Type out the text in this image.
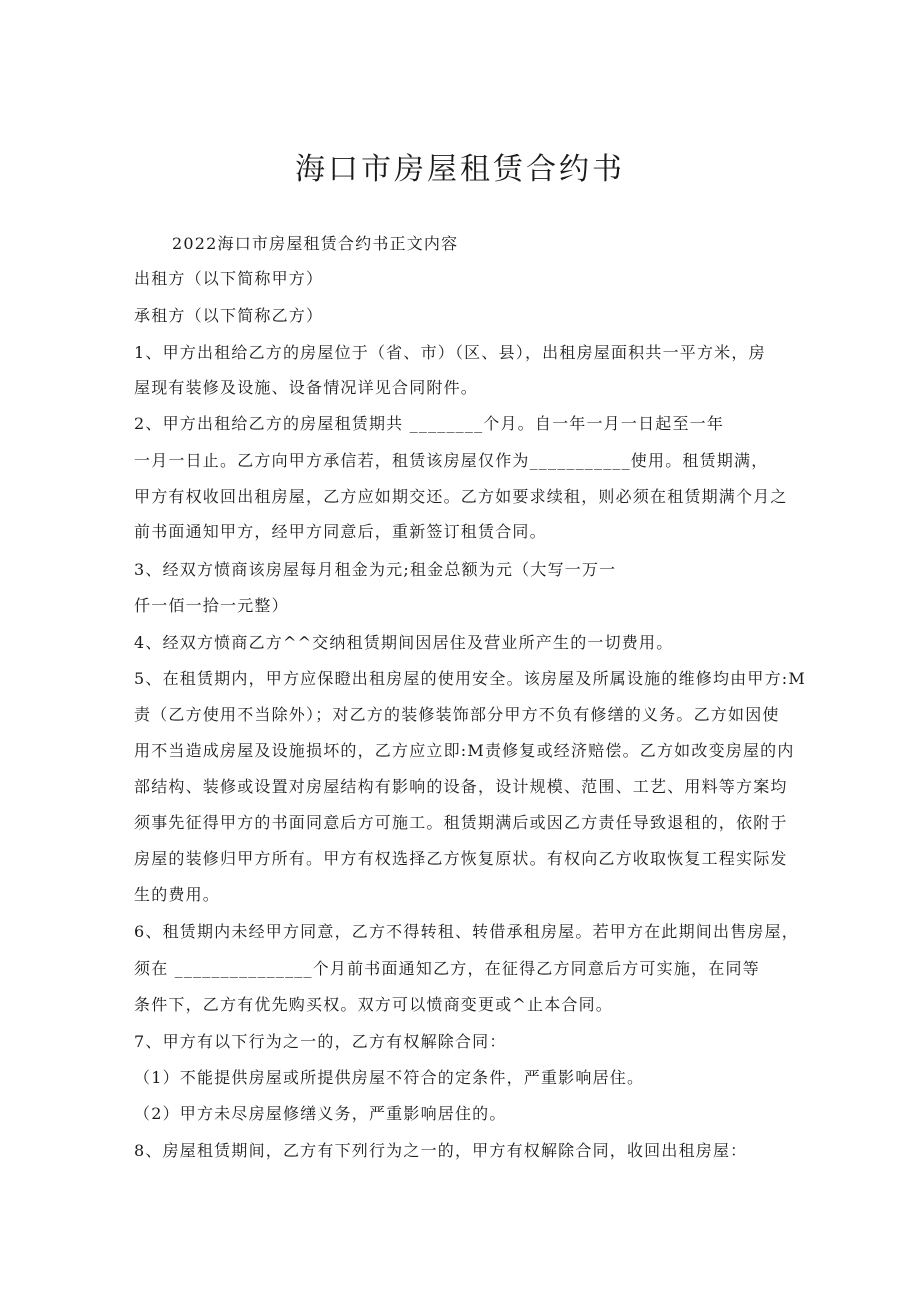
海口市房屋租赁合约书
2022海口市房屋租赁合约书正文内容
出租方（以下简称甲方）
承租方（以下简称乙方）
1、甲方出租给乙方的房屋位于（省、市）（区、县），出租房屋面积共一平方米，房
屋现有装修及设施、设备情况详见合同附件。
2、甲方出租给乙方的房屋租赁期共 ________个月。自一年一月一日起至一年
一月一日止。乙方向甲方承信若，租赁该房屋仅作为___________使用。租赁期满，
甲方有权收回出租房屋，乙方应如期交还。乙方如要求续租，则必须在租赁期满个月之
前书面通知甲方，经甲方同意后，重新签订租赁合同。
3、经双方愤商该房屋每月租金为元;租金总额为元（大写一万一
仟一佰一拾一元整）
4、经双方愤商乙方^^交纳租赁期间因居住及营业所产生的一切费用。
5、在租赁期内，甲方应保瞪出租房屋的使用安全。该房屋及所属设施的维修均由甲方:M
责（乙方使用不当除外）；对乙方的装修装饰部分甲方不负有修缮的义务。乙方如因使
用不当造成房屋及设施损坏的，乙方应立即:M责修复或经济赔偿。乙方如改变房屋的内
部结构、装修或设置对房屋结构有影响的设备，设计规模、范围、工艺、用料等方案均
须事先征得甲方的书面同意后方可施工。租赁期满后或因乙方责任导致退租的，依附于
房屋的装修归甲方所有。甲方有权选择乙方恢复原状。有权向乙方收取恢复工程实际发
生的费用。
6、租赁期内未经甲方同意，乙方不得转租、转借承租房屋。若甲方在此期间出售房屋，
须在 _______________个月前书面通知乙方，在征得乙方同意后方可实施，在同等
条件下，乙方有优先购买权。双方可以愤商变更或^止本合同。
7、甲方有以下行为之一的，乙方有权解除合同：
（1）不能提供房屋或所提供房屋不符合的定条件，严重影响居住。
（2）甲方未尽房屋修缮义务，严重影响居住的。
8、房屋租赁期间，乙方有下列行为之一的，甲方有权解除合同，收回出租房屋：
